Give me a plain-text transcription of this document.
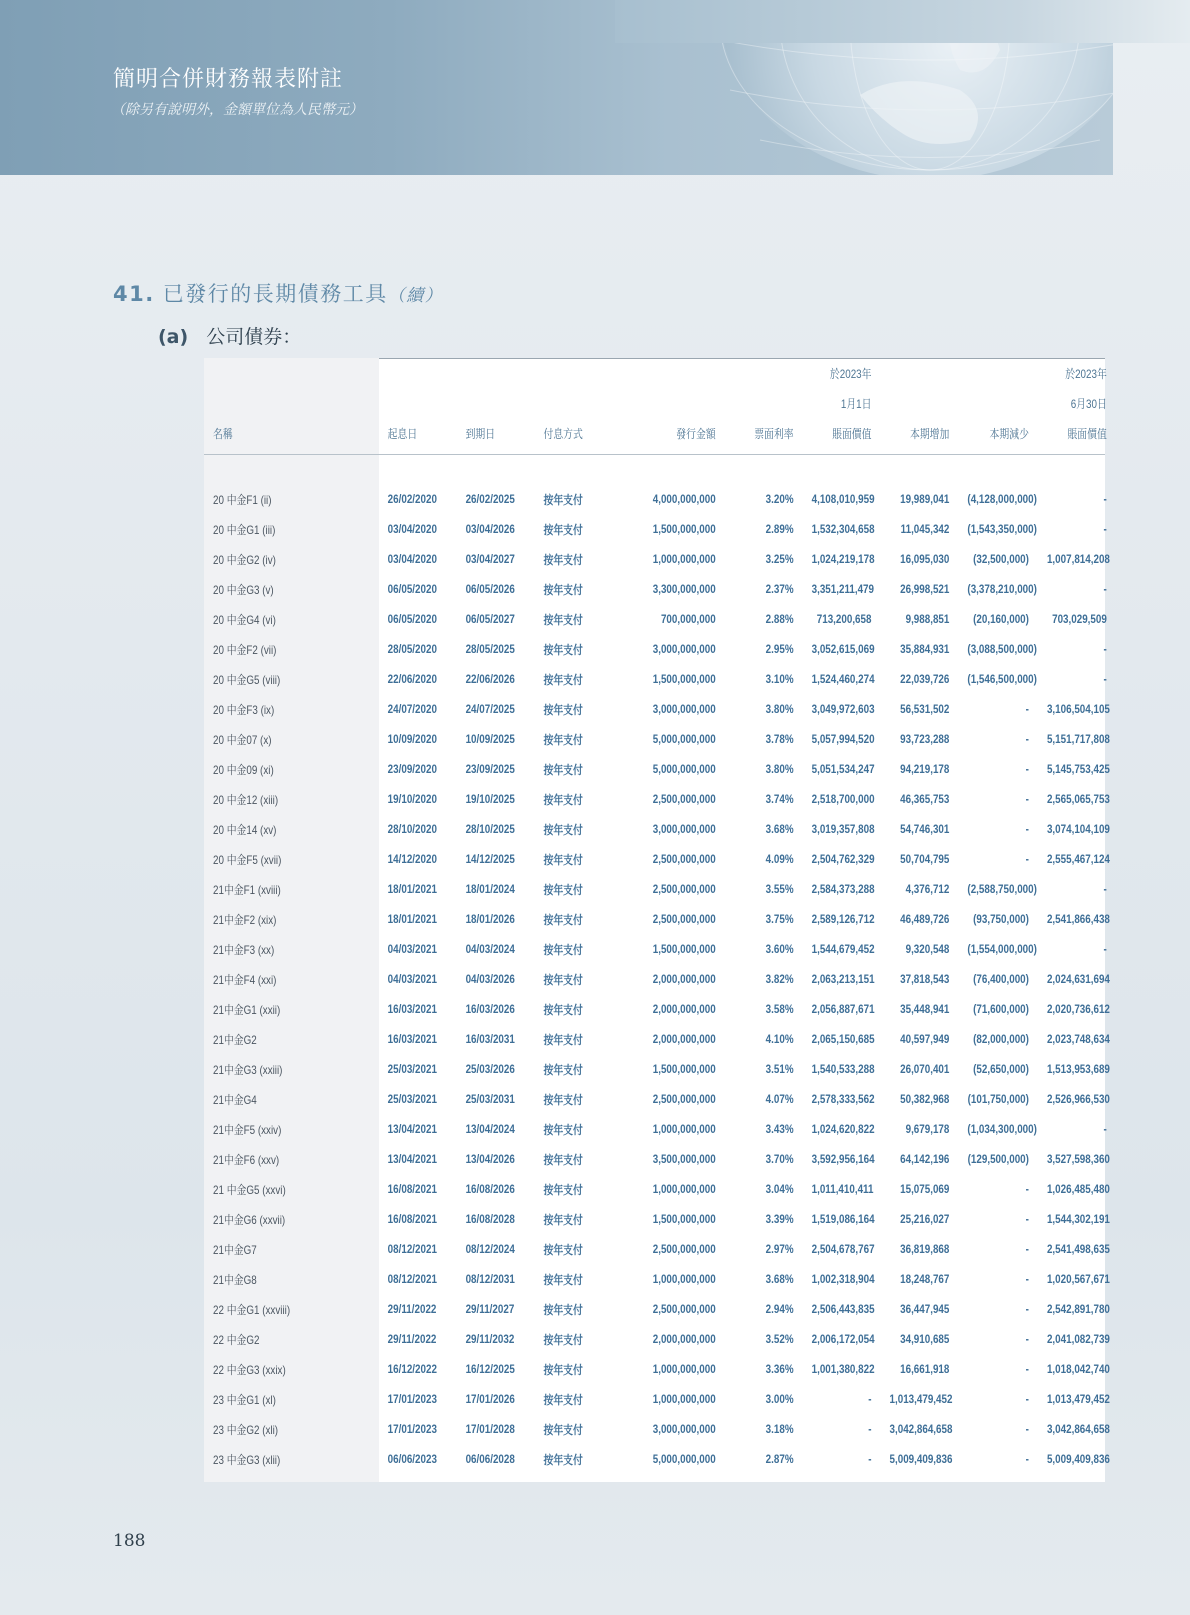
簡明合併財務報表附註
（除另有說明外，金額單位為人民幣元）
41. 已發行的長期債務工具（續）
(a) 公司債券：
						於2023年			於2023年
						1月1日			6月30日
名稱	起息日	到期日	付息方式	發行金額	票面利率	賬面價值	本期增加	本期減少	賬面價值

20 中金F1 (ii)	26/02/2020	26/02/2025	按年支付	4,000,000,000	3.20%	4,108,010,959	19,989,041	(4,128,000,000)	-
20 中金G1 (iii)	03/04/2020	03/04/2026	按年支付	1,500,000,000	2.89%	1,532,304,658	11,045,342	(1,543,350,000)	-
20 中金G2 (iv)	03/04/2020	03/04/2027	按年支付	1,000,000,000	3.25%	1,024,219,178	16,095,030	(32,500,000)	1,007,814,208
20 中金G3 (v)	06/05/2020	06/05/2026	按年支付	3,300,000,000	2.37%	3,351,211,479	26,998,521	(3,378,210,000)	-
20 中金G4 (vi)	06/05/2020	06/05/2027	按年支付	700,000,000	2.88%	713,200,658	9,988,851	(20,160,000)	703,029,509
20 中金F2 (vii)	28/05/2020	28/05/2025	按年支付	3,000,000,000	2.95%	3,052,615,069	35,884,931	(3,088,500,000)	-
20 中金G5 (viii)	22/06/2020	22/06/2026	按年支付	1,500,000,000	3.10%	1,524,460,274	22,039,726	(1,546,500,000)	-
20 中金F3 (ix)	24/07/2020	24/07/2025	按年支付	3,000,000,000	3.80%	3,049,972,603	56,531,502	-	3,106,504,105
20 中金07 (x)	10/09/2020	10/09/2025	按年支付	5,000,000,000	3.78%	5,057,994,520	93,723,288	-	5,151,717,808
20 中金09 (xi)	23/09/2020	23/09/2025	按年支付	5,000,000,000	3.80%	5,051,534,247	94,219,178	-	5,145,753,425
20 中金12 (xiii)	19/10/2020	19/10/2025	按年支付	2,500,000,000	3.74%	2,518,700,000	46,365,753	-	2,565,065,753
20 中金14 (xv)	28/10/2020	28/10/2025	按年支付	3,000,000,000	3.68%	3,019,357,808	54,746,301	-	3,074,104,109
20 中金F5 (xvii)	14/12/2020	14/12/2025	按年支付	2,500,000,000	4.09%	2,504,762,329	50,704,795	-	2,555,467,124
21中金F1 (xviii)	18/01/2021	18/01/2024	按年支付	2,500,000,000	3.55%	2,584,373,288	4,376,712	(2,588,750,000)	-
21中金F2 (xix)	18/01/2021	18/01/2026	按年支付	2,500,000,000	3.75%	2,589,126,712	46,489,726	(93,750,000)	2,541,866,438
21中金F3 (xx)	04/03/2021	04/03/2024	按年支付	1,500,000,000	3.60%	1,544,679,452	9,320,548	(1,554,000,000)	-
21中金F4 (xxi)	04/03/2021	04/03/2026	按年支付	2,000,000,000	3.82%	2,063,213,151	37,818,543	(76,400,000)	2,024,631,694
21中金G1 (xxii)	16/03/2021	16/03/2026	按年支付	2,000,000,000	3.58%	2,056,887,671	35,448,941	(71,600,000)	2,020,736,612
21中金G2	16/03/2021	16/03/2031	按年支付	2,000,000,000	4.10%	2,065,150,685	40,597,949	(82,000,000)	2,023,748,634
21中金G3 (xxiii)	25/03/2021	25/03/2026	按年支付	1,500,000,000	3.51%	1,540,533,288	26,070,401	(52,650,000)	1,513,953,689
21中金G4	25/03/2021	25/03/2031	按年支付	2,500,000,000	4.07%	2,578,333,562	50,382,968	(101,750,000)	2,526,966,530
21中金F5 (xxiv)	13/04/2021	13/04/2024	按年支付	1,000,000,000	3.43%	1,024,620,822	9,679,178	(1,034,300,000)	-
21中金F6 (xxv)	13/04/2021	13/04/2026	按年支付	3,500,000,000	3.70%	3,592,956,164	64,142,196	(129,500,000)	3,527,598,360
21 中金G5 (xxvi)	16/08/2021	16/08/2026	按年支付	1,000,000,000	3.04%	1,011,410,411	15,075,069	-	1,026,485,480
21中金G6 (xxvii)	16/08/2021	16/08/2028	按年支付	1,500,000,000	3.39%	1,519,086,164	25,216,027	-	1,544,302,191
21中金G7	08/12/2021	08/12/2024	按年支付	2,500,000,000	2.97%	2,504,678,767	36,819,868	-	2,541,498,635
21中金G8	08/12/2021	08/12/2031	按年支付	1,000,000,000	3.68%	1,002,318,904	18,248,767	-	1,020,567,671
22 中金G1 (xxviii)	29/11/2022	29/11/2027	按年支付	2,500,000,000	2.94%	2,506,443,835	36,447,945	-	2,542,891,780
22 中金G2	29/11/2022	29/11/2032	按年支付	2,000,000,000	3.52%	2,006,172,054	34,910,685	-	2,041,082,739
22 中金G3 (xxix)	16/12/2022	16/12/2025	按年支付	1,000,000,000	3.36%	1,001,380,822	16,661,918	-	1,018,042,740
23 中金G1 (xl)	17/01/2023	17/01/2026	按年支付	1,000,000,000	3.00%	-	1,013,479,452	-	1,013,479,452
23 中金G2 (xli)	17/01/2023	17/01/2028	按年支付	3,000,000,000	3.18%	-	3,042,864,658	-	3,042,864,658
23 中金G3 (xlii)	06/06/2023	06/06/2028	按年支付	5,000,000,000	2.87%	-	5,009,409,836	-	5,009,409,836
188
